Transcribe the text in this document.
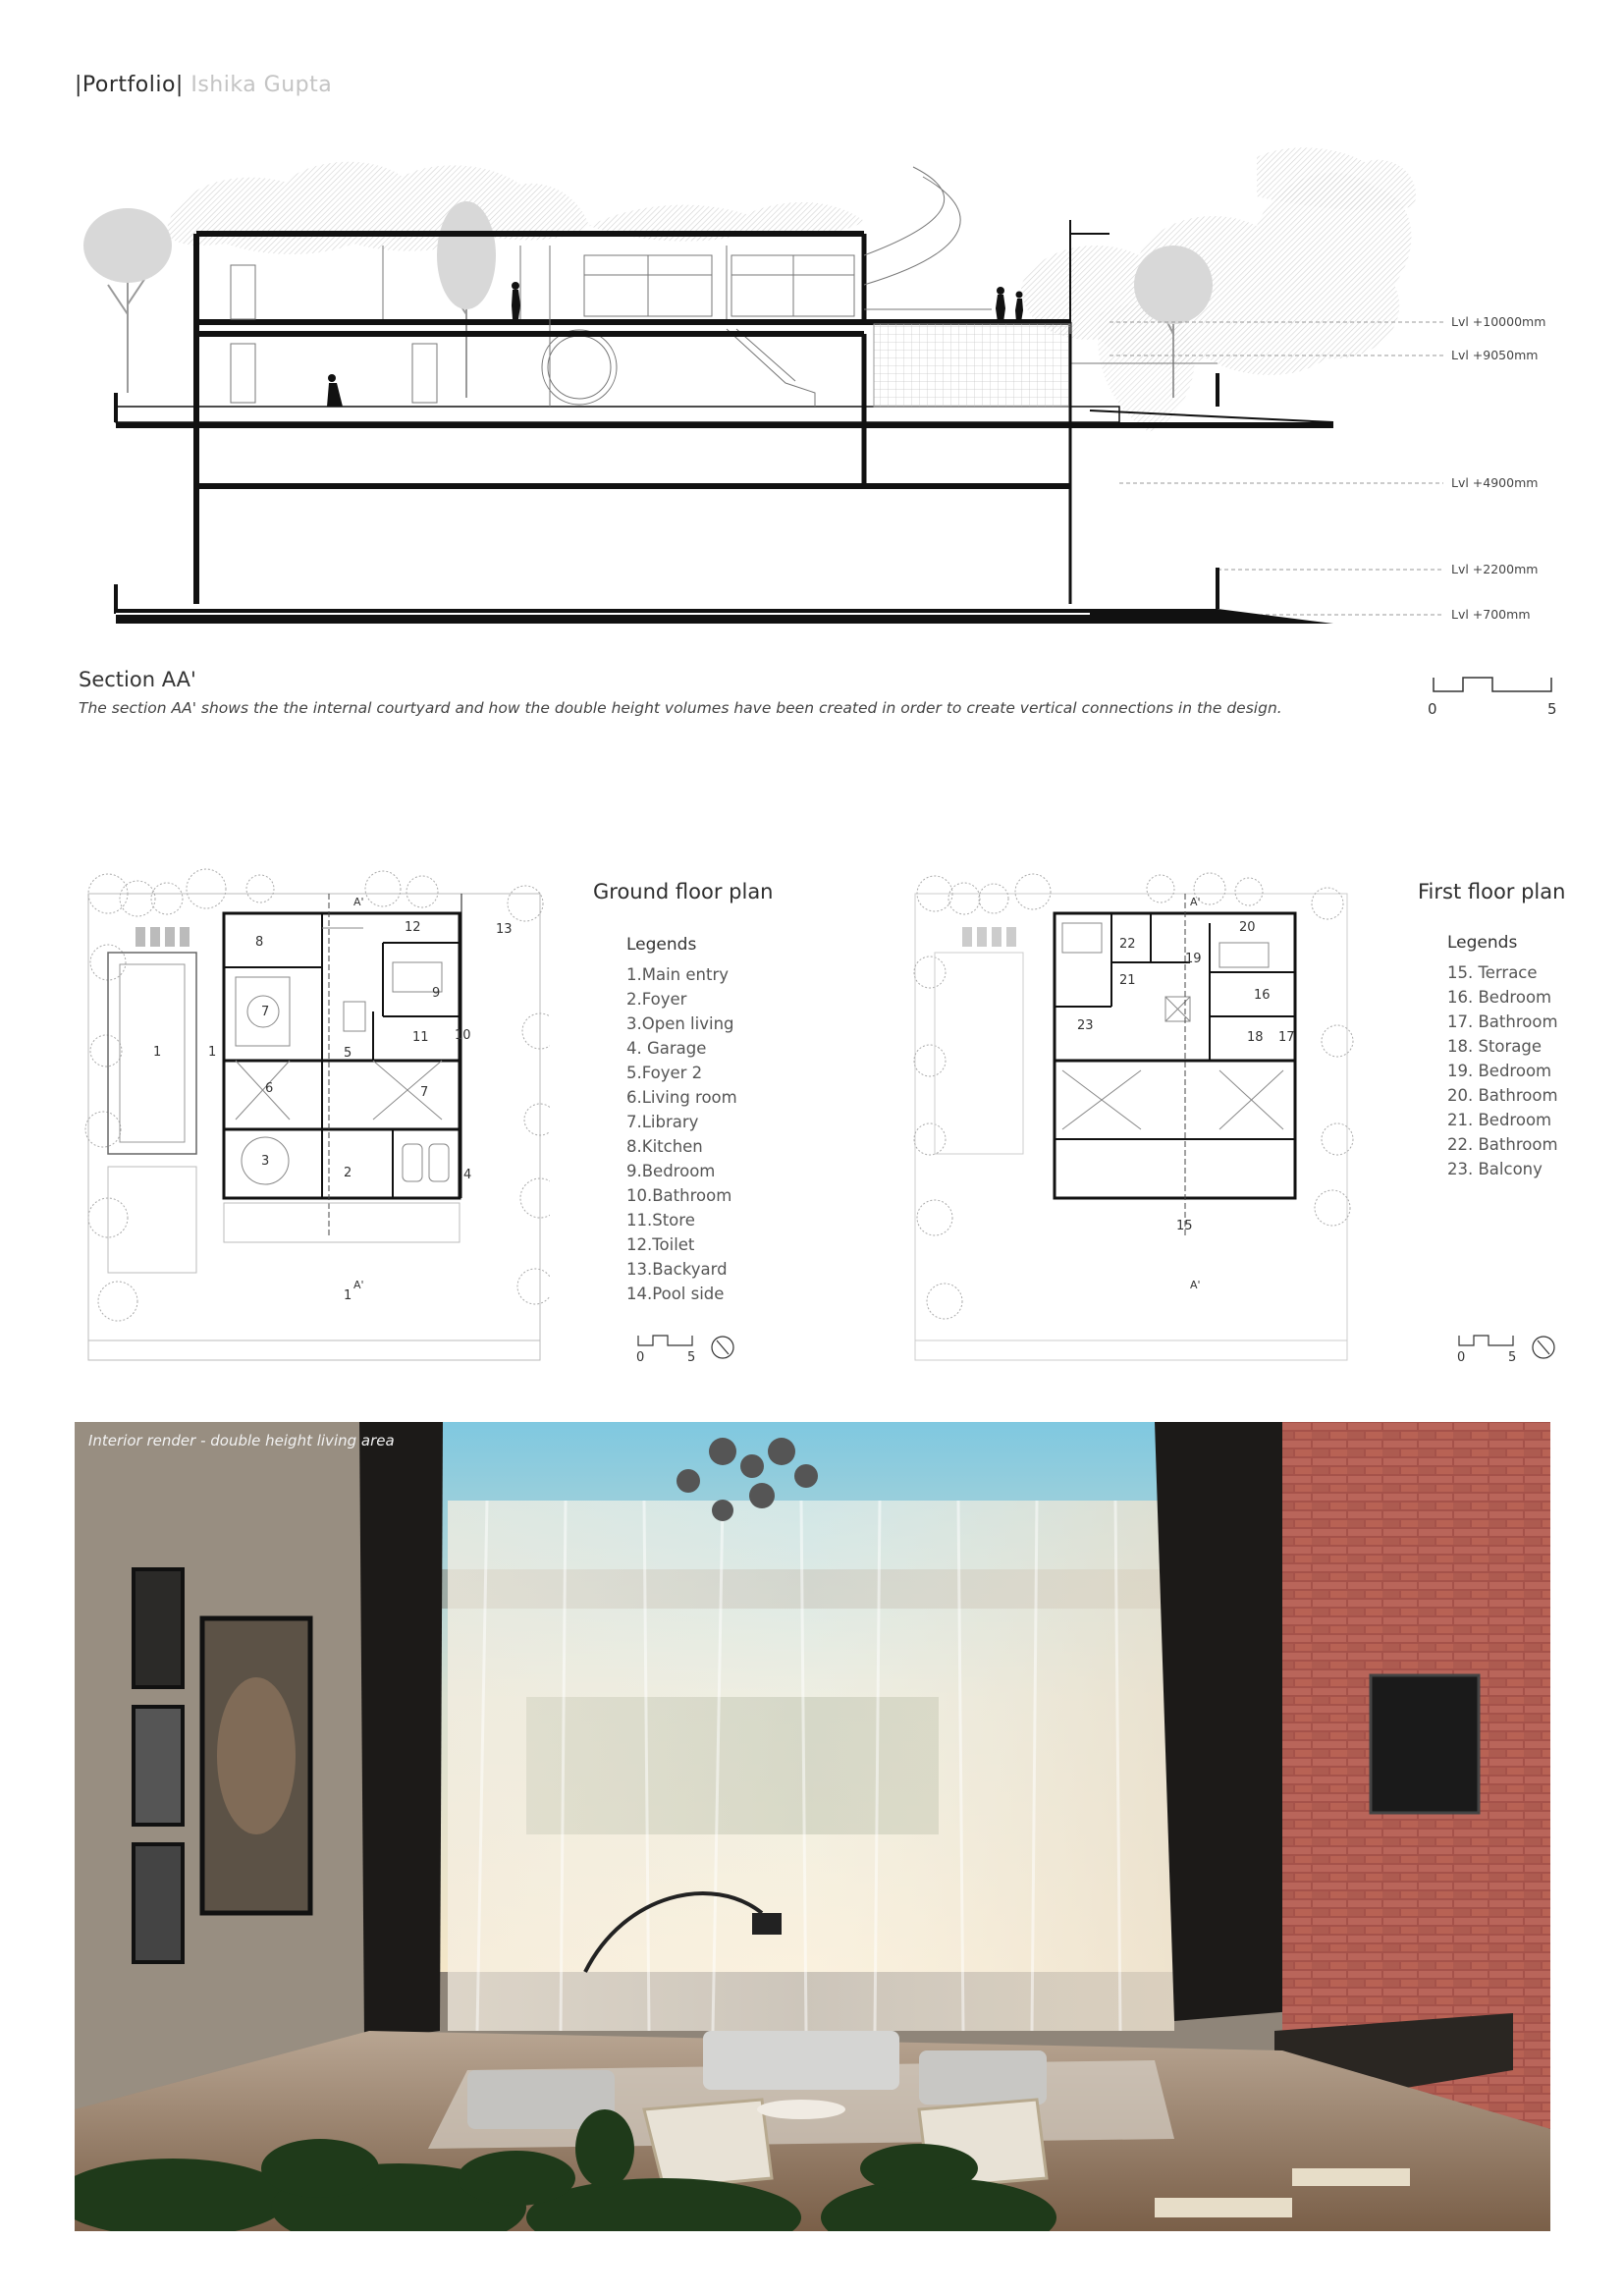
|Portfolio| Ishika Gupta
Lvl +10000mm
Lvl +9050mm
Lvl +4900mm
Lvl +2200mm
Lvl +700mm
Section AA'
The section AA' shows the the internal courtyard and how the double height volumes have been created in order to create vertical connections in the design.	0	5
1	1
2
3
4
5
6
7
7
8
9
10
11
12	13
1
A'
A'
Ground floor plan
Legends
1.Main entry
2.Foyer
3.Open living
4. Garage
5.Foyer 2
6.Living room
7.Library
8.Kitchen
9.Bedroom
10.Bathroom
11.Store
12.Toilet
13.Backyard
14.Pool side
0	5
15
16
17
18
19
20
21
22
23
A'
A'
First floor plan
Legends
15. Terrace
16. Bedroom
17. Bathroom
18. Storage
19. Bedroom
20. Bathroom
21. Bedroom
22. Bathroom
23. Balcony
0	5
Interior render - double height living area
